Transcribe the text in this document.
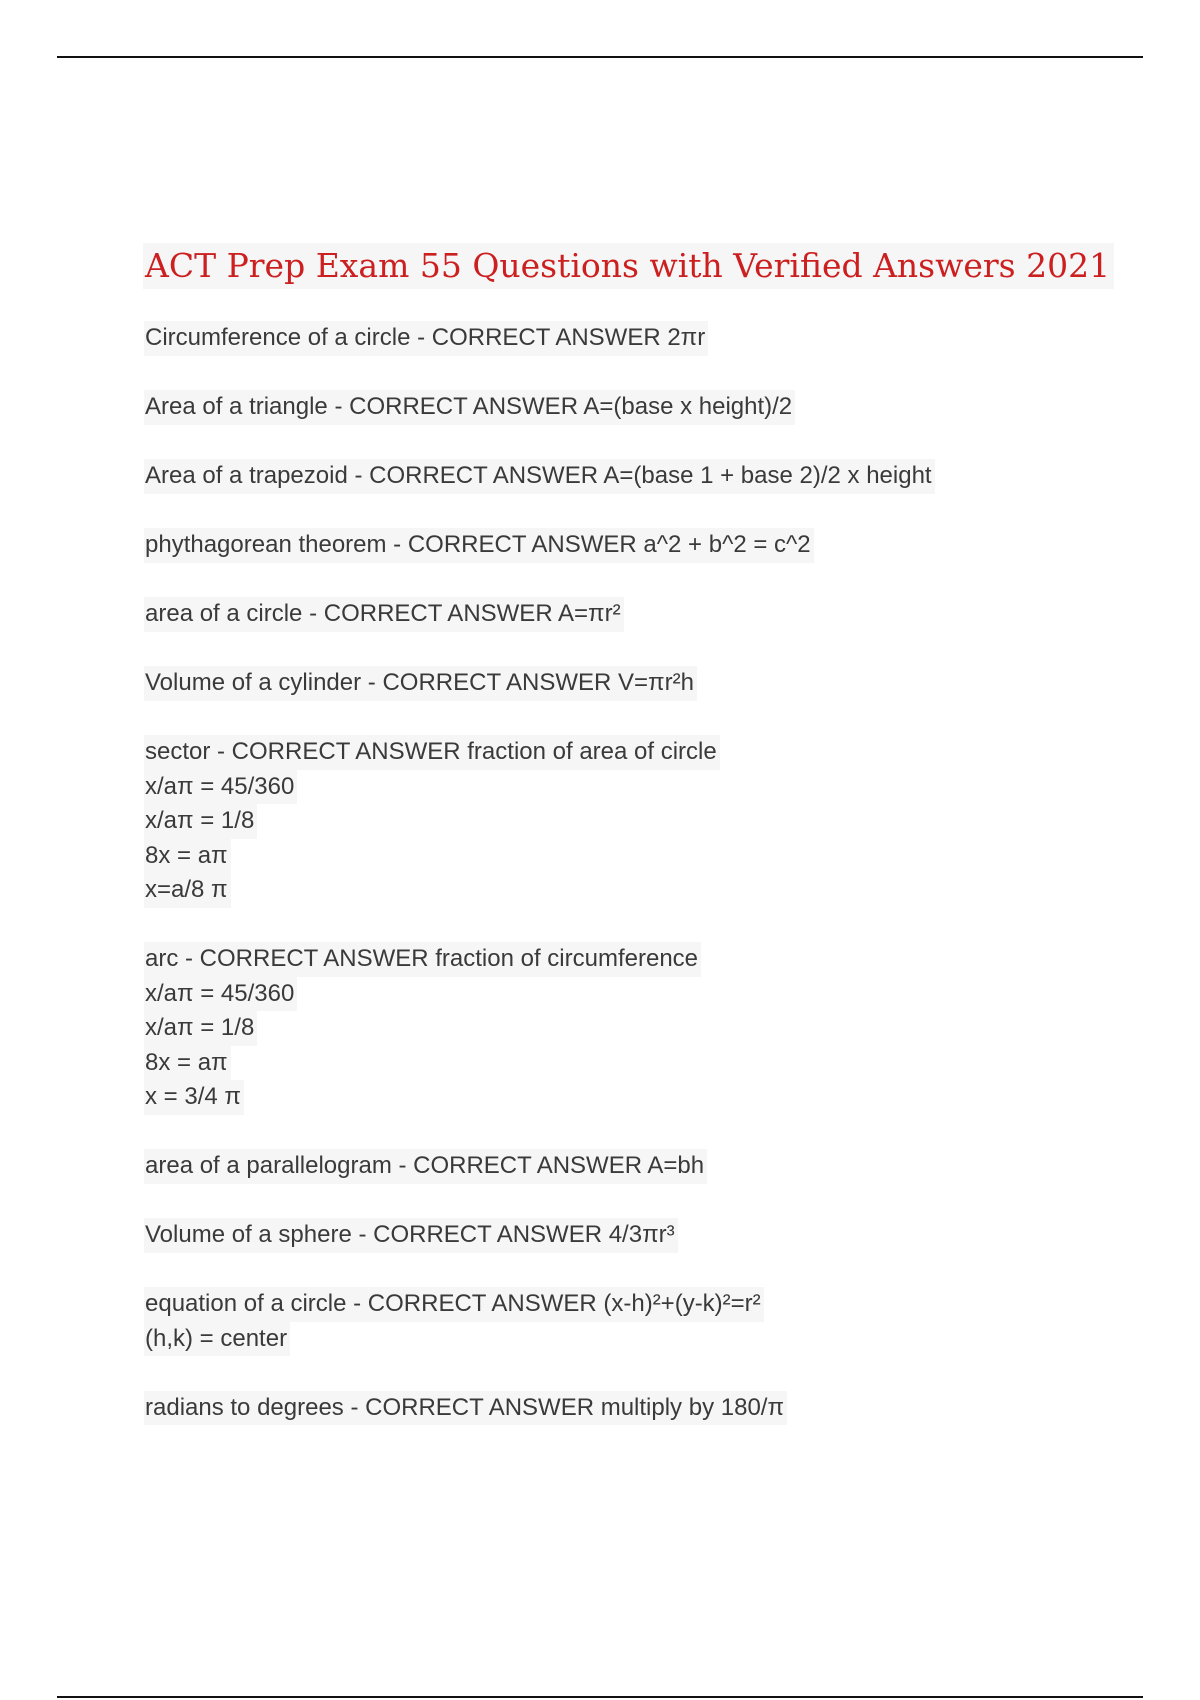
ACT Prep Exam 55 Questions with Verified Answers 2021
Circumference of a circle - CORRECT ANSWER 2πr
Area of a triangle - CORRECT ANSWER A=(base x height)/2
Area of a trapezoid - CORRECT ANSWER A=(base 1 + base 2)/2 x height
phythagorean theorem - CORRECT ANSWER a^2 + b^2 = c^2
area of a circle - CORRECT ANSWER A=πr²
Volume of a cylinder - CORRECT ANSWER V=πr²h
sector - CORRECT ANSWER fraction of area of circle
x/aπ = 45/360
x/aπ = 1/8
8x = aπ
x=a/8 π
arc - CORRECT ANSWER fraction of circumference
x/aπ = 45/360
x/aπ = 1/8
8x = aπ
x = 3/4 π
area of a parallelogram - CORRECT ANSWER A=bh
Volume of a sphere - CORRECT ANSWER 4/3πr³
equation of a circle - CORRECT ANSWER (x-h)²+(y-k)²=r²
(h,k) = center
radians to degrees - CORRECT ANSWER multiply by 180/π
